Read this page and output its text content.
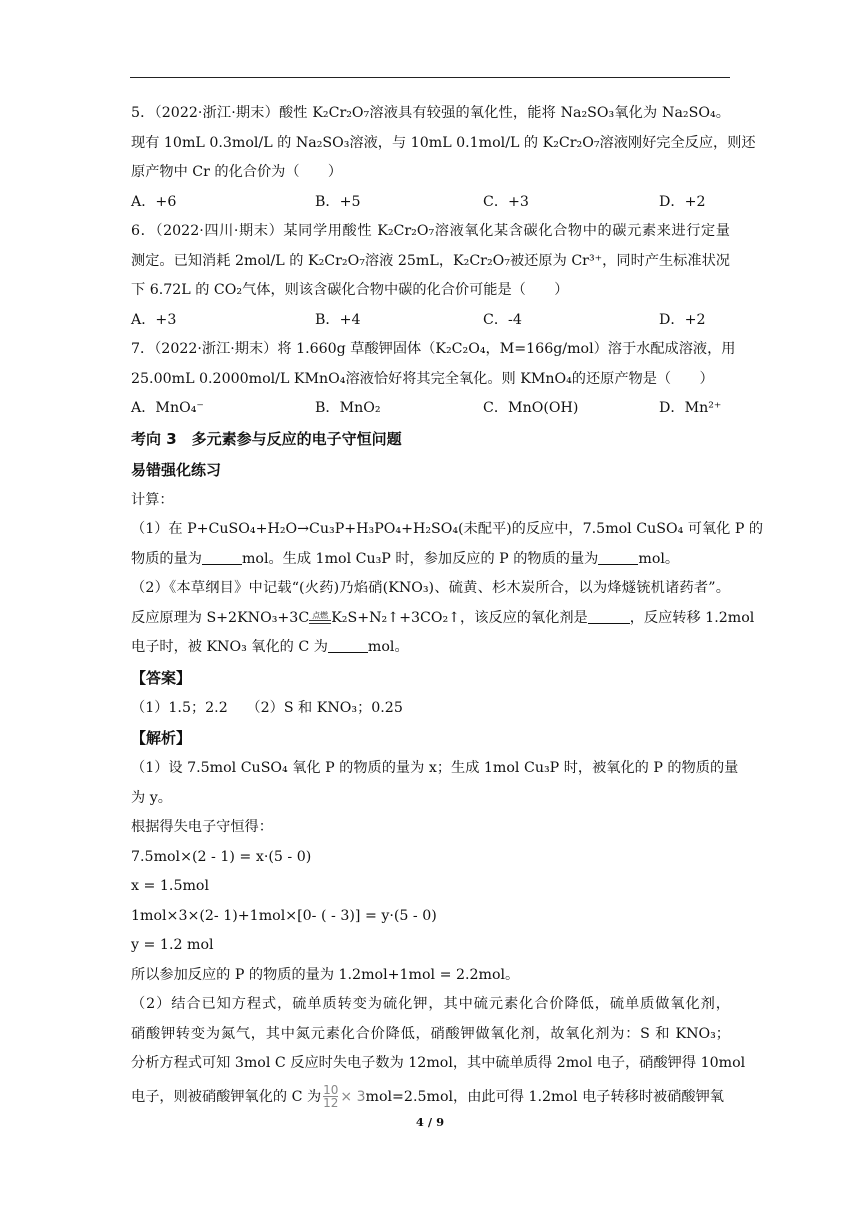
5．（2022·浙江·期末）酸性 K₂Cr₂O₇溶液具有较强的氧化性，能将 Na₂SO₃氧化为 Na₂SO₄。
现有 10mL 0.3mol/L 的 Na₂SO₃溶液，与 10mL 0.1mol/L 的 K₂Cr₂O₇溶液刚好完全反应，则还
原产物中 Cr 的化合价为（　　）
A．+6	B．+5	C．+3	D．+2
6．（2022·四川·期末）某同学用酸性 K₂Cr₂O₇溶液氧化某含碳化合物中的碳元素来进行定量
测定。已知消耗 2mol/L 的 K₂Cr₂O₇溶液 25mL，K₂Cr₂O₇被还原为 Cr³⁺，同时产生标准状况
下 6.72L 的 CO₂气体，则该含碳化合物中碳的化合价可能是（　　）
A．+3	B．+4	C．-4	D．+2
7．（2022·浙江·期末）将 1.660g 草酸钾固体（K₂C₂O₄，M=166g/mol）溶于水配成溶液，用
25.00mL 0.2000mol/L KMnO₄溶液恰好将其完全氧化。则 KMnO₄的还原产物是（　　）
A．MnO₄⁻	B．MnO₂	C．MnO(OH)	D．Mn²⁺
考向 3　多元素参与反应的电子守恒问题
易错强化练习
计算：
（1）在 P+CuSO₄+H₂O→Cu₃P+H₃PO₄+H₂SO₄(未配平)的反应中，7.5mol CuSO₄ 可氧化 P 的
物质的量为	mol。生成 1mol Cu₃P 时，参加反应的 P 的物质的量为	mol。
（2）《本草纲目》中记载“(火药)乃焰硝(KNO₃)、硫黄、杉木炭所合，以为烽燧铳机诸药者”。
反应原理为 S+2KNO₃+3C 点燃 K₂S+N₂↑+3CO₂↑，该反应的氧化剂是	，反应转移 1.2mol
电子时，被 KNO₃ 氧化的 C 为	mol。
【答案】
（1）1.5；2.2　 （2）S 和 KNO₃；0.25
【解析】
（1）设 7.5mol CuSO₄ 氧化 P 的物质的量为 x；生成 1mol Cu₃P 时，被氧化的 P 的物质的量
为 y。
根据得失电子守恒得：
7.5mol×(2 - 1) = x·(5 - 0)
x = 1.5mol
1mol×3×(2- 1)+1mol×[0- ( - 3)] = y·(5 - 0)
y = 1.2 mol
所以参加反应的 P 的物质的量为 1.2mol+1mol = 2.2mol。
（2）结合已知方程式，硫单质转变为硫化钾，其中硫元素化合价降低，硫单质做氧化剂，
硝酸钾转变为氮气，其中氮元素化合价降低，硝酸钾做氧化剂，故氧化剂为：S 和 KNO₃；
分析方程式可知 3mol C 反应时失电子数为 12mol，其中硫单质得 2mol 电子，硝酸钾得 10mol
电子，则被硝酸钾氧化的 C 为 $\frac{10}{12} \times 3mol=2.5mol$，由此可得 1.2mol 电子转移时被硝酸钾氧
4 / 9
